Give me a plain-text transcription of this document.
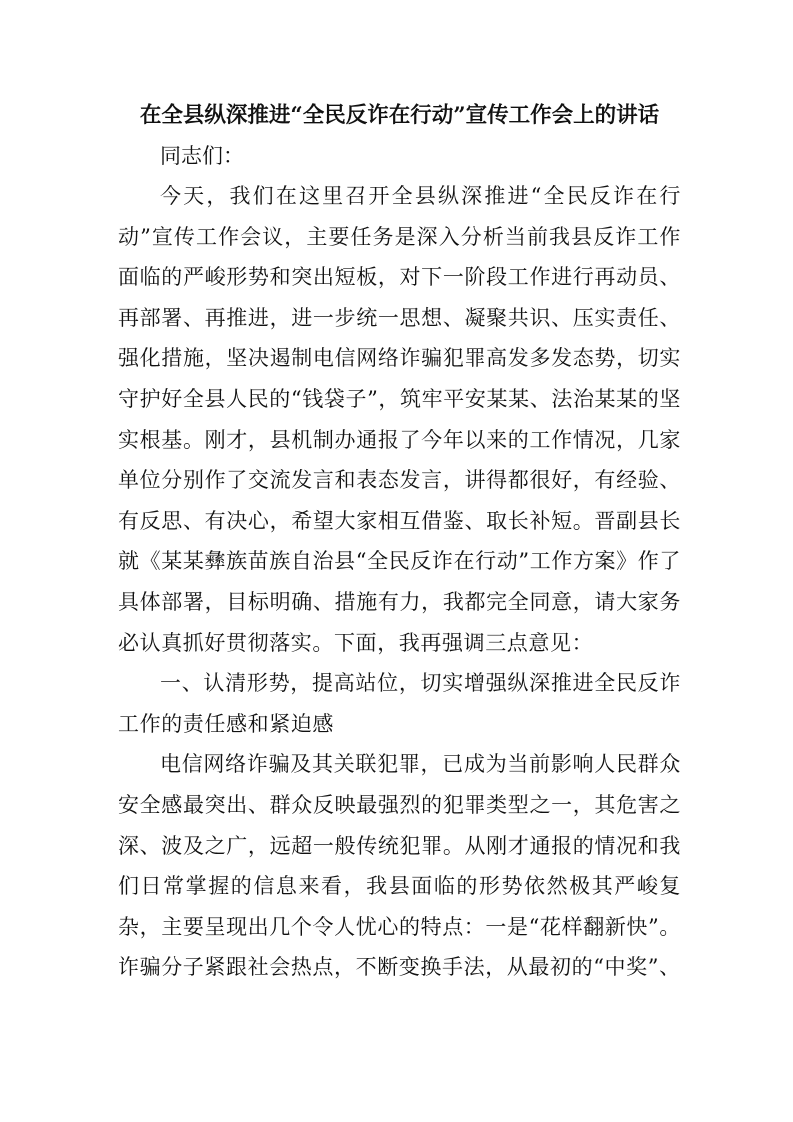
在全县纵深推进“全民反诈在行动”宣传工作会上的讲话

同志们：

今天，我们在这里召开全县纵深推进“全民反诈在行动”宣传工作会议，主要任务是深入分析当前我县反诈工作面临的严峻形势和突出短板，对下一阶段工作进行再动员、再部署、再推进，进一步统一思想、凝聚共识、压实责任、强化措施，坚决遏制电信网络诈骗犯罪高发多发态势，切实守护好全县人民的“钱袋子”，筑牢平安某某、法治某某的坚实根基。刚才，县机制办通报了今年以来的工作情况，几家单位分别作了交流发言和表态发言，讲得都很好，有经验、有反思、有决心，希望大家相互借鉴、取长补短。晋副县长就《某某彝族苗族自治县“全民反诈在行动”工作方案》作了具体部署，目标明确、措施有力，我都完全同意，请大家务必认真抓好贯彻落实。下面，我再强调三点意见：

一、认清形势，提高站位，切实增强纵深推进全民反诈工作的责任感和紧迫感

电信网络诈骗及其关联犯罪，已成为当前影响人民群众安全感最突出、群众反映最强烈的犯罪类型之一，其危害之深、波及之广，远超一般传统犯罪。从刚才通报的情况和我们日常掌握的信息来看，我县面临的形势依然极其严峻复杂，主要呈现出几个令人忧心的特点：一是“花样翻新快”。诈骗分子紧跟社会热点，不断变换手法，从最初的“中奖”、
